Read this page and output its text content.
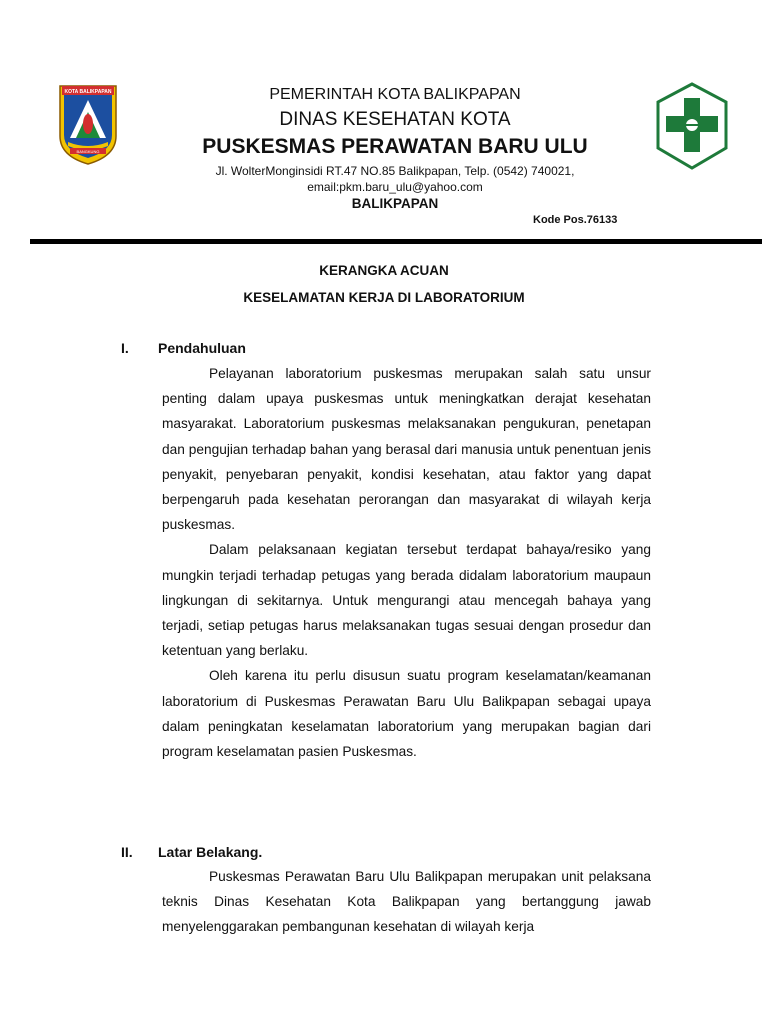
KOTA BALIKPAPAN
BANGKUNG
PEMERINTAH KOTA BALIKPAPAN
DINAS KESEHATAN KOTA
PUSKESMAS PERAWATAN BARU ULU
Jl. WolterMonginsidi RT.47 NO.85 Balikpapan, Telp. (0542) 740021,
email:pkm.baru_ulu@yahoo.com
BALIKPAPAN
Kode Pos.76133
KERANGKA ACUAN
KESELAMATAN KERJA DI LABORATORIUM
I. Pendahuluan

Pelayanan laboratorium puskesmas merupakan salah satu unsur penting dalam upaya puskesmas untuk meningkatkan derajat kesehatan masyarakat. Laboratorium puskesmas melaksanakan pengukuran, penetapan dan pengujian terhadap bahan yang berasal dari manusia untuk penentuan jenis penyakit, penyebaran penyakit, kondisi kesehatan, atau faktor yang dapat berpengaruh pada kesehatan perorangan dan masyarakat di wilayah kerja puskesmas.

Dalam pelaksanaan kegiatan tersebut terdapat bahaya/resiko yang mungkin terjadi terhadap petugas yang berada didalam laboratorium maupaun lingkungan di sekitarnya. Untuk mengurangi atau mencegah bahaya yang terjadi, setiap petugas harus melaksanakan tugas sesuai dengan prosedur dan ketentuan yang berlaku.

Oleh karena itu perlu disusun suatu program keselamatan/keamanan laboratorium di Puskesmas Perawatan Baru Ulu Balikpapan sebagai upaya dalam peningkatan keselamatan laboratorium yang merupakan bagian dari program keselamatan pasien Puskesmas.

II. Latar Belakang.

Puskesmas Perawatan Baru Ulu Balikpapan merupakan unit pelaksana teknis Dinas Kesehatan Kota Balikpapan yang bertanggung jawab menyelenggarakan pembangunan kesehatan di wilayah kerja
